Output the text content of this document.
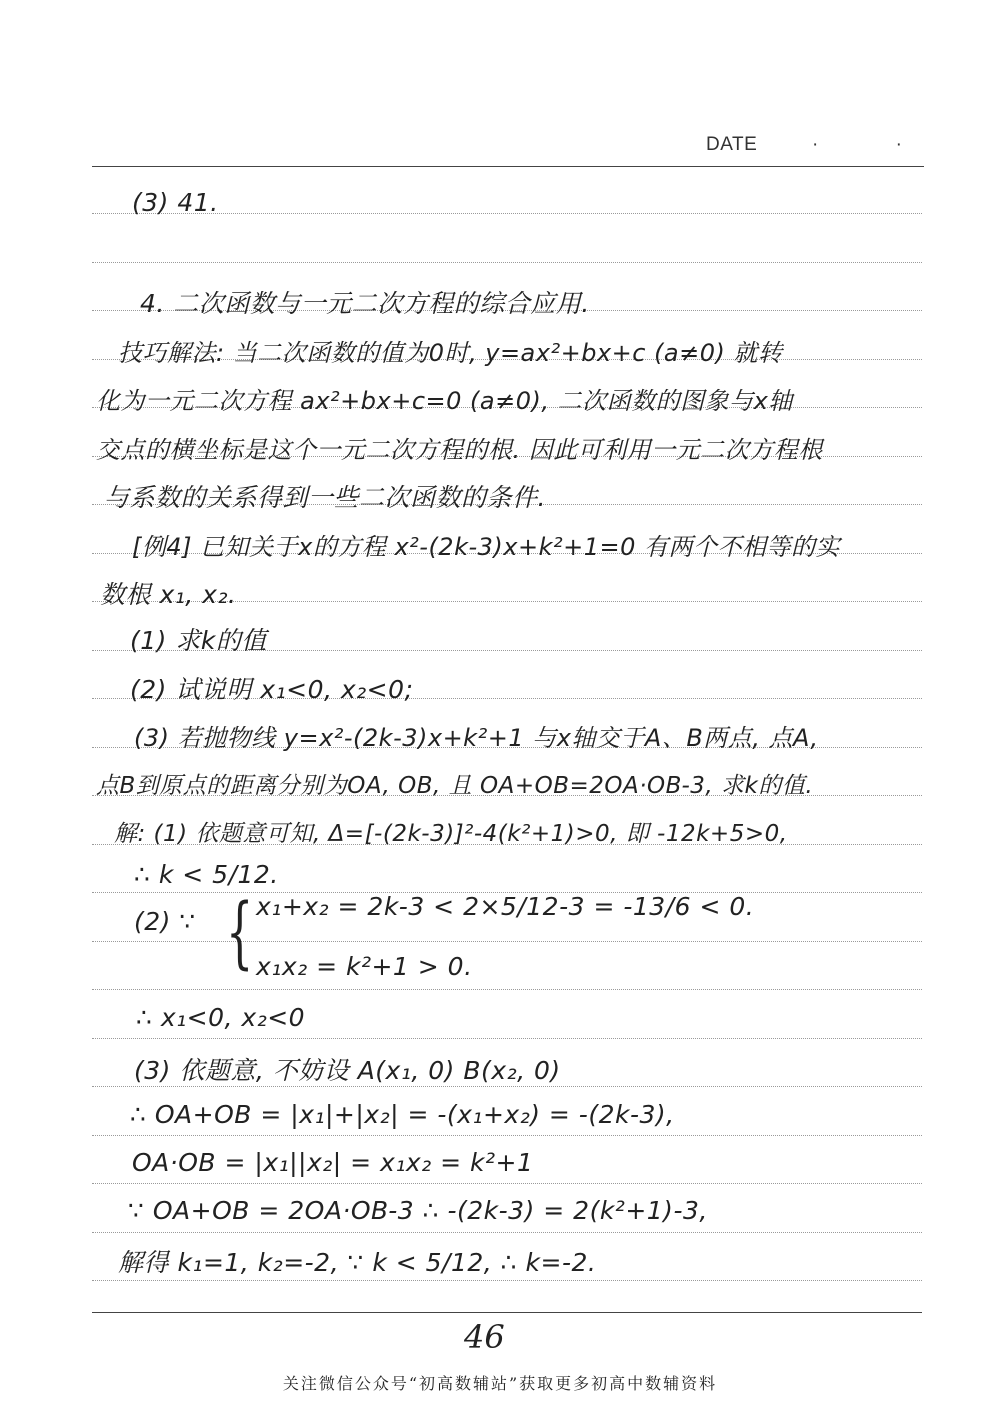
DATE	· ·
(3) 41.
4. 二次函数与一元二次方程的综合应用.
技巧解法: 当二次函数的值为0时, y=ax²+bx+c (a≠0) 就转
化为一元二次方程 ax²+bx+c=0 (a≠0), 二次函数的图象与x轴
交点的横坐标是这个一元二次方程的根. 因此可利用一元二次方程根
与系数的关系得到一些二次函数的条件.
[例4] 已知关于x的方程 x²-(2k-3)x+k²+1=0 有两个不相等的实
数根 x₁, x₂.
(1) 求k的值
(2) 试说明 x₁<0, x₂<0;
(3) 若抛物线 y=x²-(2k-3)x+k²+1 与x轴交于A、B两点, 点A,
点B到原点的距离分别为OA, OB, 且 OA+OB=2OA·OB-3, 求k的值.
解: (1) 依题意可知, Δ=[-(2k-3)]²-4(k²+1)>0, 即 -12k+5>0,
∴ k < 5/12.
(2) ∵ { x₁+x₂ = 2k-3 < 2×5/12-3 = -13/6 < 0.
x₁x₂ = k²+1 > 0.
∴ x₁<0, x₂<0
(3) 依题意, 不妨设 A(x₁, 0) B(x₂, 0)
∴ OA+OB = |x₁|+|x₂| = -(x₁+x₂) = -(2k-3),
OA·OB = |x₁||x₂| = x₁x₂ = k²+1
∵ OA+OB = 2OA·OB-3 ∴ -(2k-3) = 2(k²+1)-3,
解得 k₁=1, k₂=-2, ∵ k < 5/12, ∴ k=-2.
46
关注微信公众号“初高数辅站”获取更多初高中数辅资料
